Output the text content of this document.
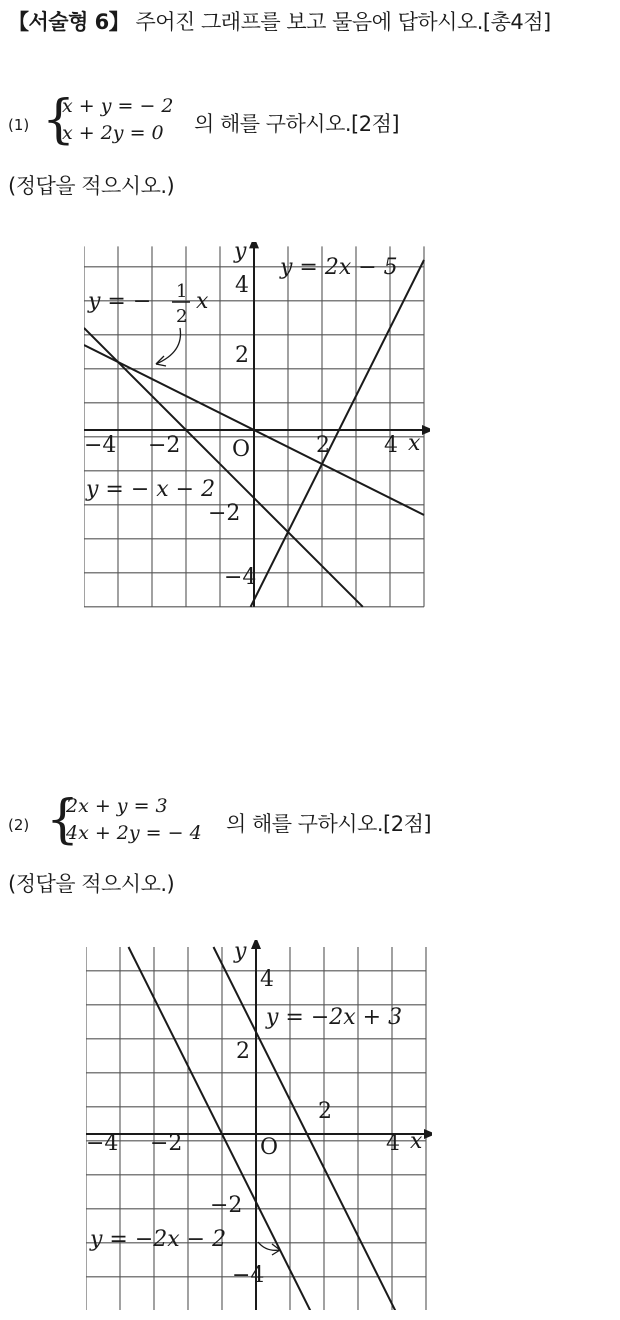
【서술형 6】 주어진 그래프를 보고 물음에 답하시오.[총4점]
(1) {
x + y = − 2
x + 2y = 0	의 해를 구하시오.[2점]
(정답을 적으시오.)
−4 −2 O	2 4
4
2
−2
−4
x
y
y = 2x − 5
y = − 1
2
x
y = − x − 2
(2) {
2x + y = 3
4x + 2y = − 4 의 해를 구하시오.[2점]
(정답을 적으시오.)
−4 −2	O
2
4
4
2
−2
−4
x
y
y = −2x + 3
y = −2x − 2
